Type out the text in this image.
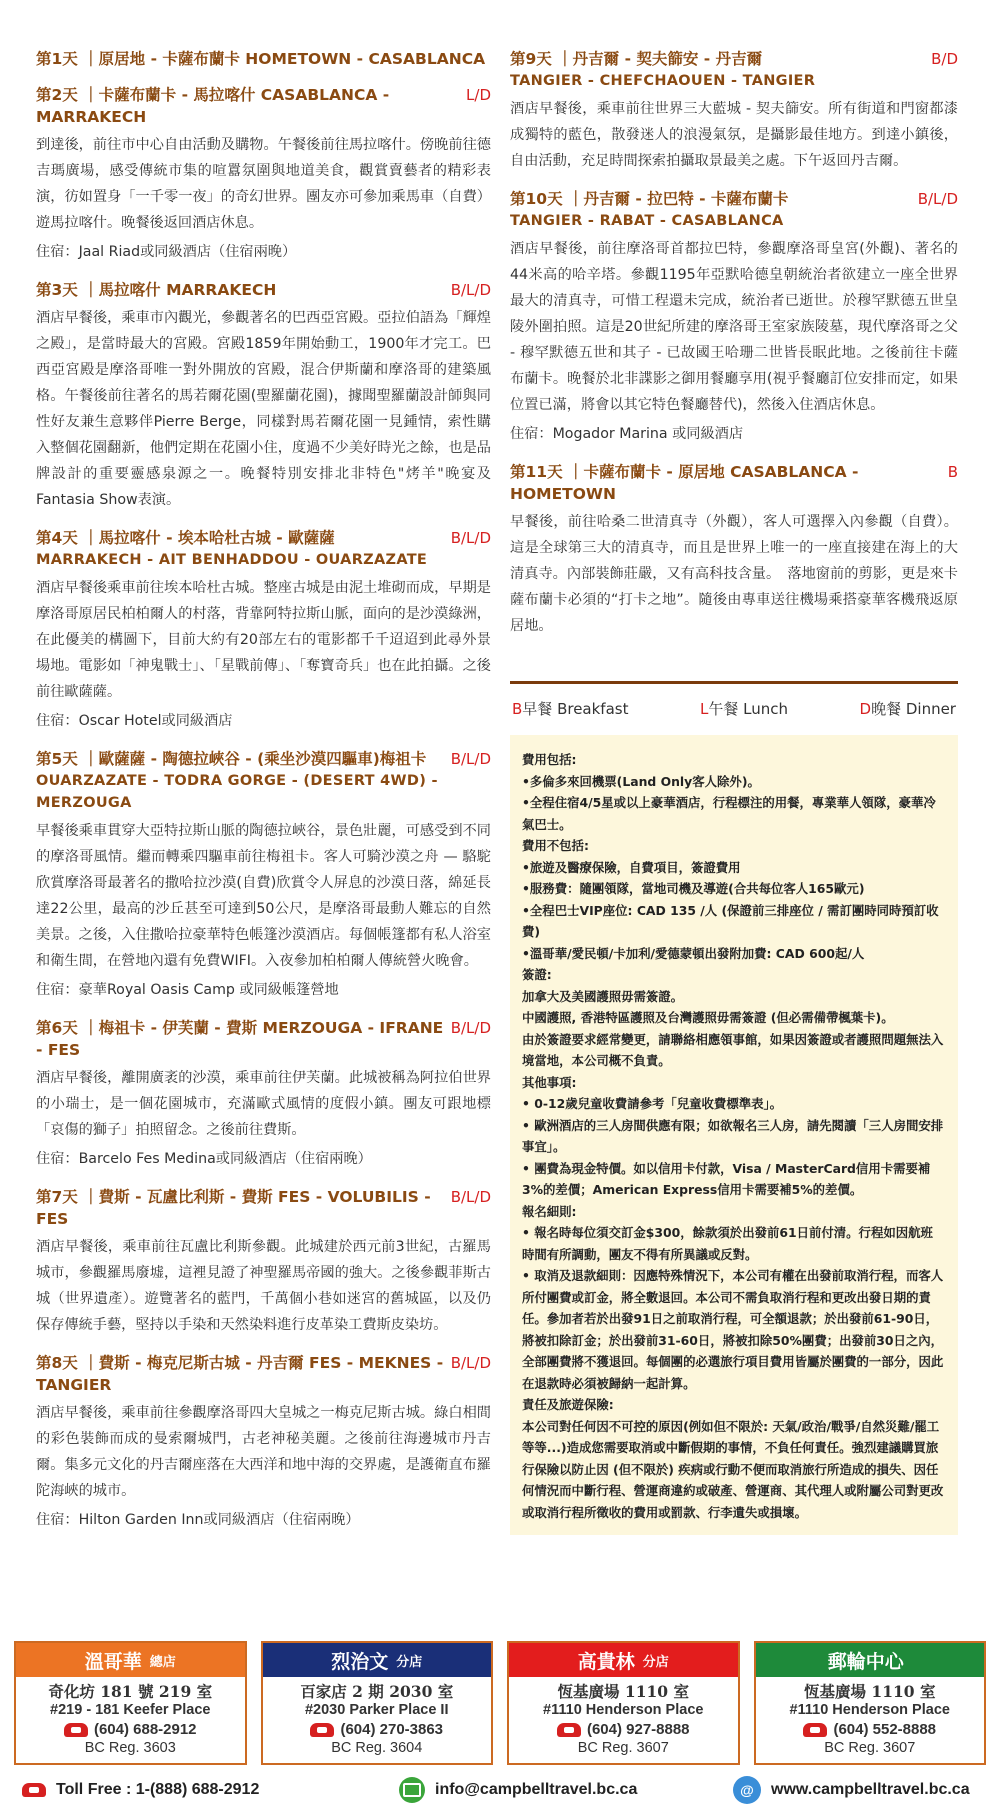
第1天 ｜原居地 - 卡薩布蘭卡 HOMETOWN - CASABLANCA
第2天 ｜卡薩布蘭卡 - 馬拉喀什 CASABLANCA - MARRAKECH
L/D
到達後，前往市中心自由活動及購物。午餐後前往馬拉喀什。傍晚前往德吉瑪廣場，感受傳統市集的喧囂氛圍與地道美食，觀賞賣藝者的精彩表演，彷如置身「一千零一夜」的奇幻世界。團友亦可參加乘馬車（自費）遊馬拉喀什。晚餐後返回酒店休息。
住宿：Jaal Riad或同級酒店（住宿兩晚）
第3天 ｜馬拉喀什 MARRAKECH	B/L/D
酒店早餐後，乘車市內觀光，參觀著名的巴西亞宮殿。亞拉伯語為「輝煌之殿」，是當時最大的宮殿。宮殿1859年開始動工，1900年才完工。巴西亞宮殿是摩洛哥唯一對外開放的宮殿，混合伊斯蘭和摩洛哥的建築風格。午餐後前往著名的馬若爾花園(聖羅蘭花園)，據聞聖羅蘭設計師與同性好友兼生意夥伴Pierre Berge，同樣對馬若爾花園一見鍾情，索性購入整個花園翻新，他們定期在花園小住，度過不少美好時光之餘，也是品牌設計的重要靈感泉源之一。晚餐特別安排北非特色"烤羊"晚宴及Fantasia Show表演。
第4天 ｜馬拉喀什 - 埃本哈杜古城 - 歐薩薩	B/L/D
MARRAKECH - AIT BENHADDOU - OUARZAZATE
酒店早餐後乘車前往埃本哈杜古城。整座古城是由泥土堆砌而成，早期是摩洛哥原居民柏柏爾人的村落，背靠阿特拉斯山脈，面向的是沙漠綠洲，在此優美的構圖下，目前大約有20部左右的電影都千千迢迢到此尋外景場地。電影如「神鬼戰士」、「星戰前傳」、「奪寶奇兵」也在此拍攝。之後前往歐薩薩。
住宿：Oscar Hotel或同級酒店
第5天 ｜歐薩薩 - 陶德拉峽谷 - (乘坐沙漠四驅車)梅祖卡 B/L/D
OUARZAZATE - TODRA GORGE - (DESERT 4WD) - MERZOUGA
早餐後乘車貫穿大亞特拉斯山脈的陶德拉峽谷，景色壯麗，可感受到不同的摩洛哥風情。繼而轉乘四驅車前往梅祖卡。客人可騎沙漠之舟 — 駱駝欣賞摩洛哥最著名的撒哈拉沙漠(自費)欣賞令人屏息的沙漠日落，綿延長達22公里，最高的沙丘甚至可達到50公尺，是摩洛哥最動人難忘的自然美景。之後，入住撒哈拉豪華特色帳篷沙漠酒店。每個帳篷都有私人浴室和衛生間，在營地內還有免費WIFI。入夜參加柏柏爾人傳統營火晚會。
住宿：豪華Royal Oasis Camp 或同級帳篷營地
第6天 ｜梅祖卡 - 伊芙蘭 - 費斯 MERZOUGA - IFRANE - FES
B/L/D
酒店早餐後，離開廣袤的沙漠，乘車前往伊芙蘭。此城被稱為阿拉伯世界的小瑞士，是一個花園城市，充滿歐式風情的度假小鎮。團友可跟地標「哀傷的獅子」拍照留念。之後前往費斯。
住宿：Barcelo Fes Medina或同級酒店（住宿兩晚）
第7天 ｜費斯 - 瓦盧比利斯 - 費斯 FES - VOLUBILIS - FES
B/L/D
酒店早餐後，乘車前往瓦盧比利斯參觀。此城建於西元前3世紀，古羅馬城市，參觀羅馬廢墟，這裡見證了神聖羅馬帝國的強大。之後參觀菲斯古城（世界遺產）。遊覽著名的藍門，千萬個小巷如迷宮的舊城區，以及仍保存傳統手藝，堅持以手染和天然染料進行皮革染工費斯皮染坊。
第8天 ｜費斯 - 梅克尼斯古城 - 丹吉爾 FES - MEKNES - TANGIER
B/L/D
酒店早餐後，乘車前往參觀摩洛哥四大皇城之一梅克尼斯古城。綠白相間的彩色裝飾而成的曼索爾城門，古老神秘美麗。之後前往海邊城市丹吉爾。集多元文化的丹吉爾座落在大西洋和地中海的交界處，是護衛直布羅陀海峽的城市。
住宿：Hilton Garden Inn或同級酒店（住宿兩晚）
第9天 ｜丹吉爾 - 契夫篩安 - 丹吉爾	B/D
TANGIER - CHEFCHAOUEN - TANGIER
酒店早餐後，乘車前往世界三大藍城 - 契夫篩安。所有街道和門窗都漆成獨特的藍色，散發迷人的浪漫氣氛，是攝影最佳地方。到達小鎮後，自由活動，充足時間探索拍攝取景最美之處。下午返回丹吉爾。
第10天 ｜丹吉爾 - 拉巴特 - 卡薩布蘭卡	B/L/D
TANGIER - RABAT - CASABLANCA
酒店早餐後，前往摩洛哥首都拉巴特，參觀摩洛哥皇宮(外觀)、著名的44米高的哈辛塔。參觀1195年亞默哈德皇朝統治者欲建立一座全世界最大的清真寺，可惜工程還未完成，統治者已逝世。於穆罕默德五世皇陵外圍拍照。這是20世紀所建的摩洛哥王室家族陵墓，現代摩洛哥之父 - 穆罕默德五世和其子 - 已故國王哈珊二世皆長眠此地。之後前往卡薩布蘭卡。晚餐於北非諜影之御用餐廳享用(視乎餐廳訂位安排而定，如果位置已滿，將會以其它特色餐廳替代)，然後入住酒店休息。
住宿：Mogador Marina 或同級酒店
第11天 ｜卡薩布蘭卡 - 原居地 CASABLANCA - HOMETOWN
B
早餐後，前往哈桑二世清真寺（外觀），客人可選擇入內參觀（自費）。這是全球第三大的清真寺，而且是世界上唯一的一座直接建在海上的大清真寺。內部裝飾莊嚴，又有高科技含量。　落地窗前的剪影，更是來卡薩布蘭卡必須的“打卡之地”。隨後由專車送往機場乘搭豪華客機飛返原居地。
B早餐 Breakfast	L午餐 Lunch	D晚餐 Dinner
費用包括:
•多倫多來回機票(Land Only客人除外)。
•全程住宿4/5星或以上豪華酒店，行程標注的用餐，專業華人領隊，豪華冷氣巴士。
費用不包括:
•旅遊及醫療保險，自費項目，簽證費用
•服務費：隨團領隊，當地司機及導遊(合共每位客人165歐元)
•全程巴士VIP座位: CAD 135 /人 (保證前三排座位 / 需訂團時同時預訂收費)
•溫哥華/愛民頓/卡加利/愛德蒙頓出發附加費: CAD 600起/人
簽證:
加拿大及美國護照毋需簽證。
中國護照, 香港特區護照及台灣護照毋需簽證 (但必需備帶楓葉卡)。
由於簽證要求經常變更，請聯絡相應領事館，如果因簽證或者護照問題無法入境當地，本公司概不負責。
其他事項:
• 0-12歲兒童收費請參考「兒童收費標準表」。
• 歐洲酒店的三人房間供應有限；如欲報名三人房，請先閱讀「三人房間安排事宜」。
• 團費為現金特價。如以信用卡付款，Visa / MasterCard信用卡需要補3%的差價；American Express信用卡需要補5%的差價。
報名細則:
• 報名時每位須交訂金$300，餘款須於出發前61日前付清。行程如因航班時間有所調動，團友不得有所異議或反對。
• 取消及退款細則：因應特殊情況下，本公司有權在出發前取消行程，而客人所付團費或訂金，將全數退回。本公司不需負取消行程和更改出發日期的責任。參加者若於出發91日之前取消行程，可全額退款；於出發前61-90日，將被扣除訂金；於出發前31-60日，將被扣除50%團費；出發前30日之內，全部團費將不獲退回。每個團的必選旅行項目費用皆屬於團費的一部分，因此在退款時必須被歸納一起計算。
責任及旅遊保險:
本公司對任何因不可控的原因(例如但不限於: 天氣/政治/戰爭/自然災難/罷工等等...)造成您需要取消或中斷假期的事情，不負任何責任。強烈建議購買旅行保險以防止因 (但不限於) 疾病或行動不便而取消旅行所造成的損失、因任何情況而中斷行程、營運商違約或破產、營運商、其代理人或附屬公司對更改或取消行程所徵收的費用或罰款、行李遺失或損壞。
溫哥華 總店
奇化坊 181 號 219 室
#219 - 181 Keefer Place
(604) 688-2912
BC Reg. 3603
烈治文 分店
百家店 2 期 2030 室
#2030 Parker Place II
(604) 270-3863
BC Reg. 3604
高貴林 分店
恆基廣場 1110 室
#1110 Henderson Place
(604) 927-8888
BC Reg. 3607
郵輪中心
恆基廣場 1110 室
#1110 Henderson Place
(604) 552-8888
BC Reg. 3607
Toll Free : 1-(888) 688-2912	info@campbelltravel.bc.ca	@	www.campbelltravel.bc.ca
